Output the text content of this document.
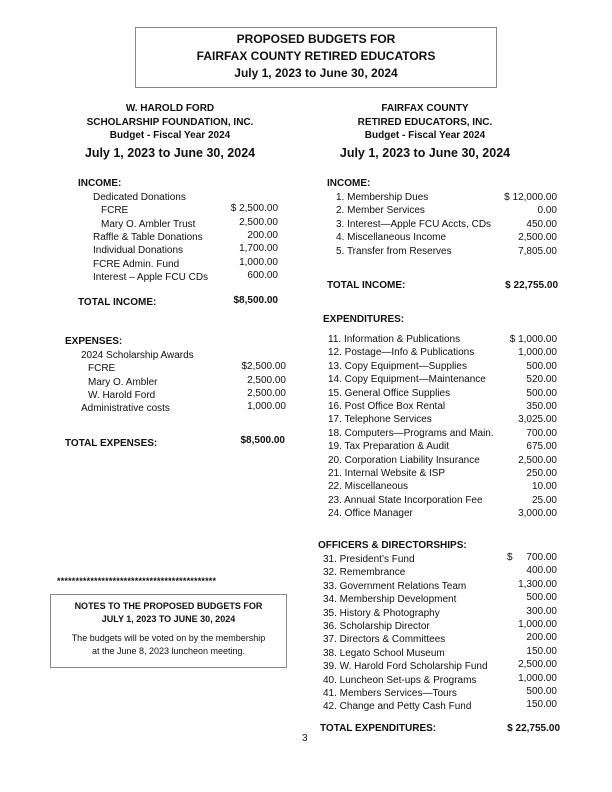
PROPOSED BUDGETS FOR
FAIRFAX COUNTY RETIRED EDUCATORS
July 1, 2023 to June 30, 2024
W. HAROLD FORD
SCHOLARSHIP FOUNDATION, INC.
Budget - Fiscal Year 2024
July 1, 2023 to June 30, 2024
FAIRFAX COUNTY
RETIRED EDUCATORS, INC.
Budget - Fiscal Year 2024
July 1, 2023 to June 30, 2024
INCOME:
Dedicated Donations
FCRE	$ 2,500.00
Mary O. Ambler Trust	2,500.00
Raffle & Table Donations	200.00
Individual Donations	1,700.00
FCRE Admin. Fund	1,000.00
Interest – Apple FCU CDs	600.00
TOTAL INCOME:	$8,500.00
EXPENSES:
2024 Scholarship Awards
FCRE	$2,500.00
Mary O. Ambler	2,500.00
W. Harold Ford	2,500.00
Administrative costs	1,000.00
TOTAL EXPENSES:	$8,500.00
INCOME:
1. Membership Dues	$ 12,000.00
2. Member Services	0.00
3. Interest—Apple FCU Accts, CDs	450.00
4. Miscellaneous Income	2,500.00
5. Transfer from Reserves	7,805.00
TOTAL INCOME:	$ 22,755.00
EXPENDITURES:
11. Information & Publications	$ 1,000.00
12. Postage—Info & Publications	1,000.00
13. Copy Equipment—Supplies	500.00
14. Copy Equipment—Maintenance	520.00
15. General Office Supplies	500.00
16. Post Office Box Rental	350.00
17. Telephone Services	3,025.00
18. Computers—Programs and Main.	700.00
19. Tax Preparation & Audit	675.00
20. Corporation Liability Insurance	2,500.00
21. Internal Website & ISP	250.00
22. Miscellaneous	10.00
23. Annual State Incorporation Fee	25.00
24. Office Manager	3,000.00
OFFICERS & DIRECTORSHIPS:
31. President’s Fund	$     700.00
32. Remembrance	400.00
33. Government Relations Team	1,300.00
34. Membership Development	500.00
35. History & Photography	300.00
36. Scholarship Director	1,000.00
37. Directors & Committees	200.00
38. Legato School Museum	150.00
39. W. Harold Ford Scholarship Fund	2,500.00
40. Luncheon Set-ups & Programs	1,000.00
41. Members Services—Tours	500.00
42. Change and Petty Cash Fund	150.00
TOTAL EXPENDITURES:	$ 22,755.00
*******************************************
NOTES TO THE PROPOSED BUDGETS FOR
JULY 1, 2023 TO JUNE 30, 2024
The budgets will be voted on by the membership
at the June 8, 2023 luncheon meeting.
3
